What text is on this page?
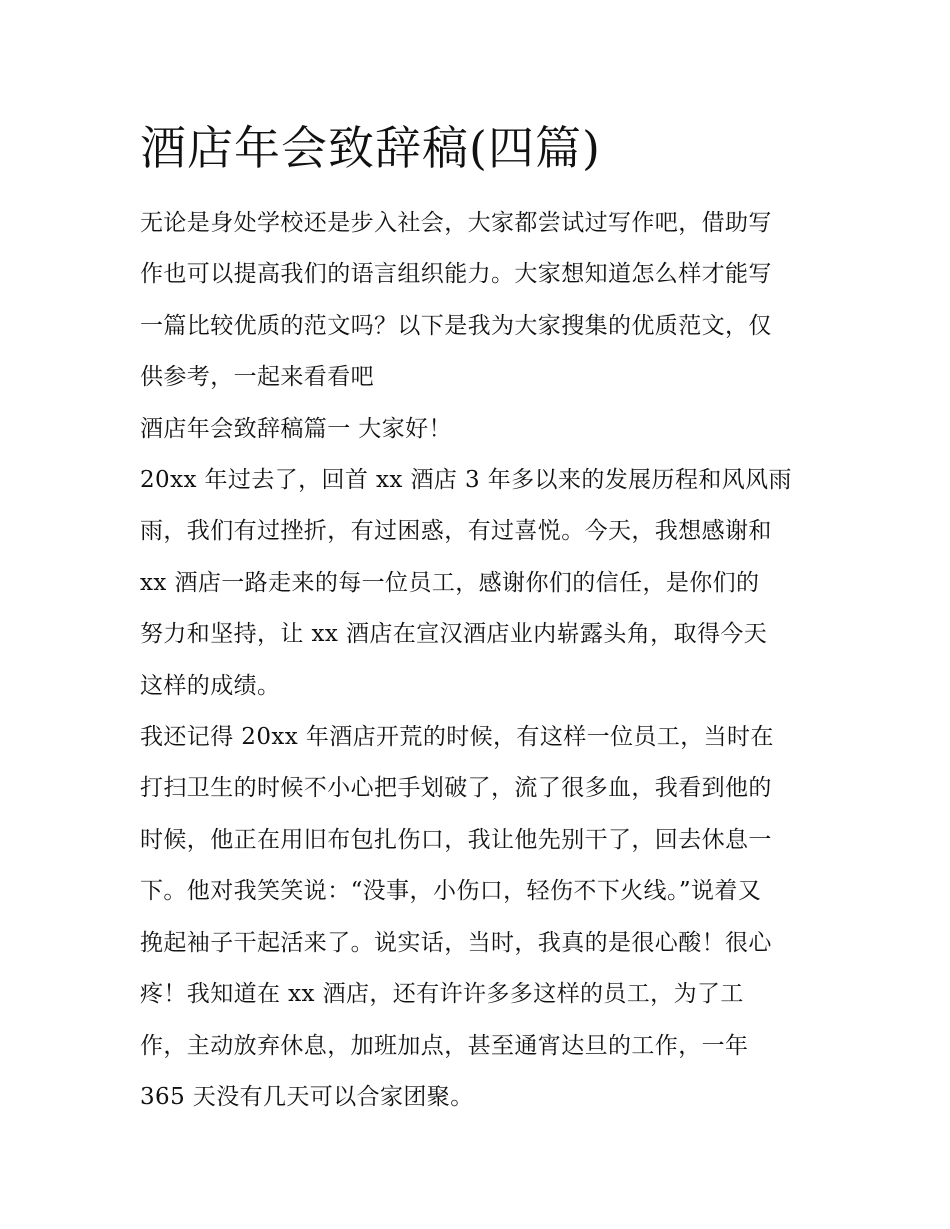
酒店年会致辞稿(四篇)
无论是身处学校还是步入社会，大家都尝试过写作吧，借助写
作也可以提高我们的语言组织能力。大家想知道怎么样才能写
一篇比较优质的范文吗？以下是我为大家搜集的优质范文，仅
供参考，一起来看看吧
酒店年会致辞稿篇一 大家好！
20xx 年过去了，回首 xx 酒店 3 年多以来的发展历程和风风雨
雨，我们有过挫折，有过困惑，有过喜悦。今天，我想感谢和
xx 酒店一路走来的每一位员工，感谢你们的信任，是你们的
努力和坚持，让 xx 酒店在宣汉酒店业内崭露头角，取得今天
这样的成绩。
我还记得 20xx 年酒店开荒的时候，有这样一位员工，当时在
打扫卫生的时候不小心把手划破了，流了很多血，我看到他的
时候，他正在用旧布包扎伤口，我让他先别干了，回去休息一
下。他对我笑笑说：“没事，小伤口，轻伤不下火线。”说着又
挽起袖子干起活来了。说实话，当时，我真的是很心酸！很心
疼！我知道在 xx 酒店，还有许许多多这样的员工，为了工
作，主动放弃休息，加班加点，甚至通宵达旦的工作，一年
365 天没有几天可以合家团聚。
